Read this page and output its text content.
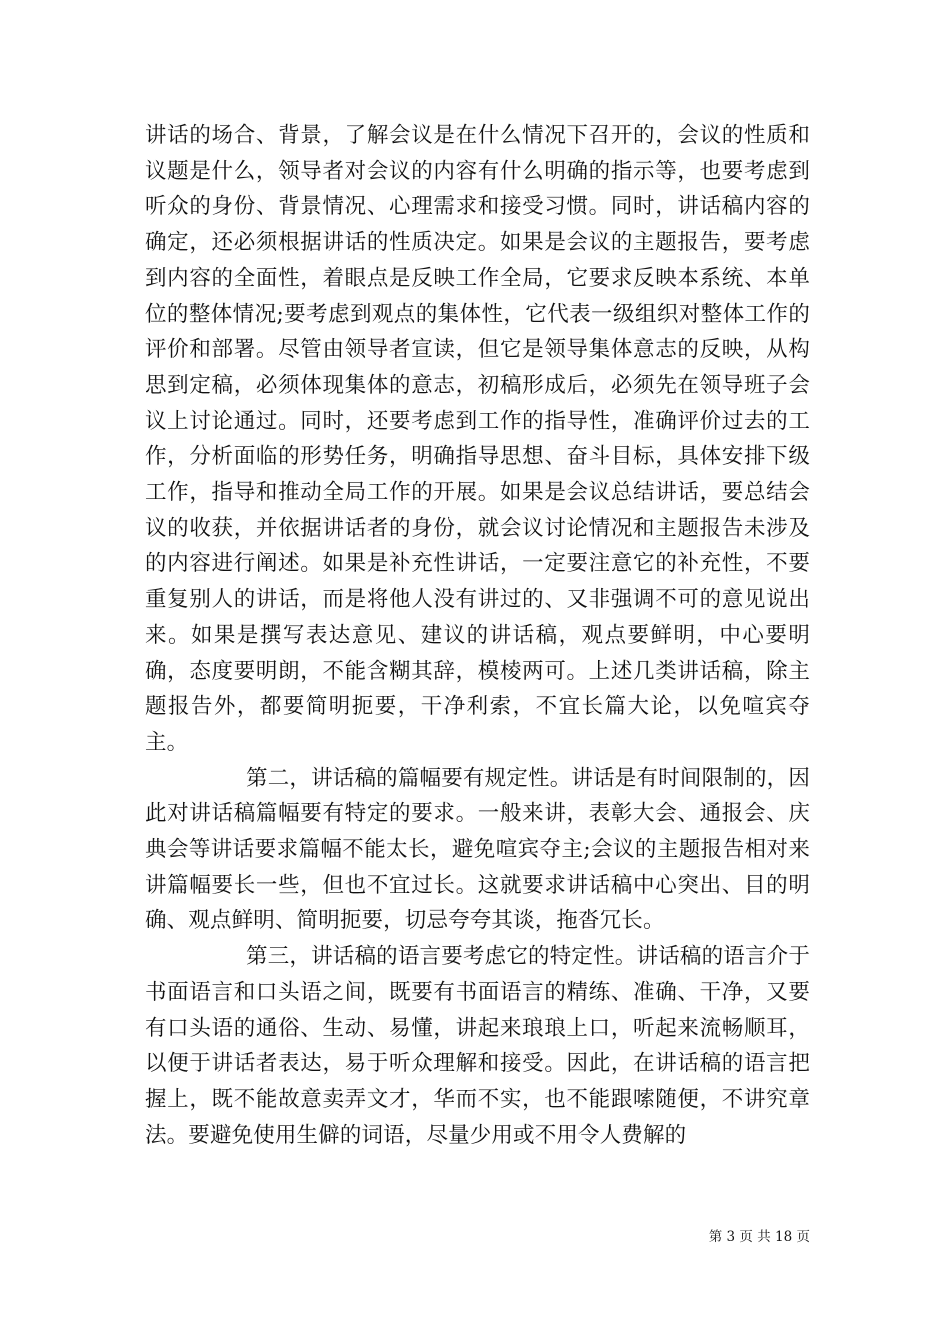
讲话的场合、背景，了解会议是在什么情况下召开的，会议的性质和议题是什么，领导者对会议的内容有什么明确的指示等，也要考虑到听众的身份、背景情况、心理需求和接受习惯。同时，讲话稿内容的确定，还必须根据讲话的性质决定。如果是会议的主题报告，要考虑到内容的全面性，着眼点是反映工作全局，它要求反映本系统、本单位的整体情况;要考虑到观点的集体性，它代表一级组织对整体工作的评价和部署。尽管由领导者宣读，但它是领导集体意志的反映，从构思到定稿，必须体现集体的意志，初稿形成后，必须先在领导班子会议上讨论通过。同时，还要考虑到工作的指导性，准确评价过去的工作，分析面临的形势任务，明确指导思想、奋斗目标，具体安排下级工作，指导和推动全局工作的开展。如果是会议总结讲话，要总结会议的收获，并依据讲话者的身份，就会议讨论情况和主题报告未涉及的内容进行阐述。如果是补充性讲话，一定要注意它的补充性，不要重复别人的讲话，而是将他人没有讲过的、又非强调不可的意见说出来。如果是撰写表达意见、建议的讲话稿，观点要鲜明，中心要明确，态度要明朗，不能含糊其辞，模棱两可。上述几类讲话稿，除主题报告外，都要简明扼要，干净利索，不宜长篇大论，以免喧宾夺主。

第二，讲话稿的篇幅要有规定性。讲话是有时间限制的，因此对讲话稿篇幅要有特定的要求。一般来讲，表彰大会、通报会、庆典会等讲话要求篇幅不能太长，避免喧宾夺主;会议的主题报告相对来讲篇幅要长一些，但也不宜过长。这就要求讲话稿中心突出、目的明确、观点鲜明、简明扼要，切忌夸夸其谈，拖沓冗长。

第三，讲话稿的语言要考虑它的特定性。讲话稿的语言介于书面语言和口头语之间，既要有书面语言的精练、准确、干净，又要有口头语的通俗、生动、易懂，讲起来琅琅上口，听起来流畅顺耳，以便于讲话者表达，易于听众理解和接受。因此，在讲话稿的语言把握上，既不能故意卖弄文才，华而不实，也不能跟嗦随便，不讲究章法。要避免使用生僻的词语，尽量少用或不用令人费解的

第 3 页 共 18 页
